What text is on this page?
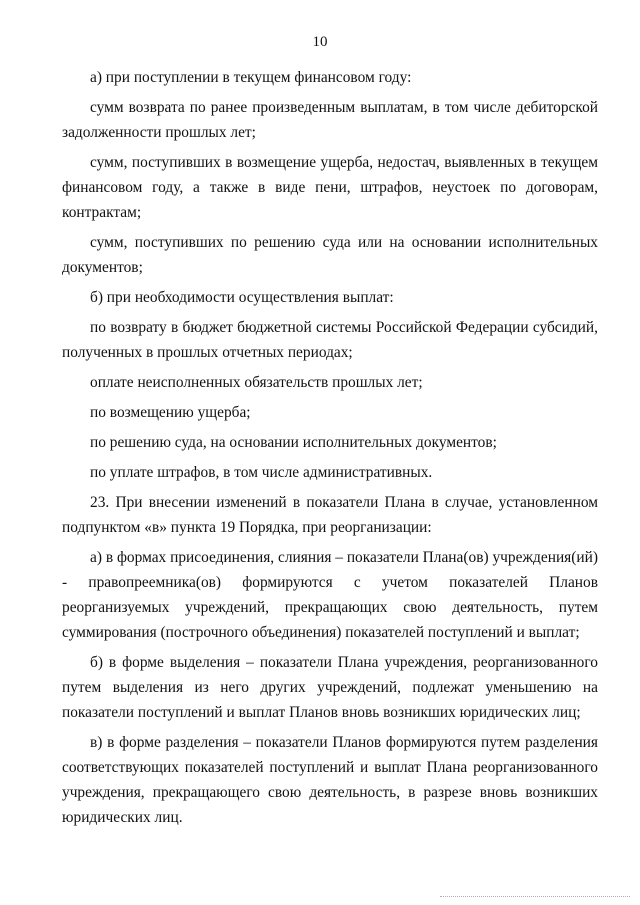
10

а) при поступлении в текущем финансовом году:

сумм возврата по ранее произведенным выплатам, в том числе дебиторской задолженности прошлых лет;

сумм, поступивших в возмещение ущерба, недостач, выявленных в текущем финансовом году, а также в виде пени, штрафов, неустоек по договорам, контрактам;

сумм, поступивших по решению суда или на основании исполнительных документов;

б) при необходимости осуществления выплат:

по возврату в бюджет бюджетной системы Российской Федерации субсидий, полученных в прошлых отчетных периодах;

оплате неисполненных обязательств прошлых лет;

по возмещению ущерба;

по решению суда, на основании исполнительных документов;

по уплате штрафов, в том числе административных.

23. При внесении изменений в показатели Плана в случае, установленном подпунктом «в» пункта 19 Порядка, при реорганизации:

а) в формах присоединения, слияния – показатели Плана(ов) учреждения(ий) - правопреемника(ов) формируются с учетом показателей Планов реорганизуемых учреждений, прекращающих свою деятельность, путем суммирования (построчного объединения) показателей поступлений и выплат;

б) в форме выделения – показатели Плана учреждения, реорганизованного путем выделения из него других учреждений, подлежат уменьшению на показатели поступлений и выплат Планов вновь возникших юридических лиц;

в) в форме разделения – показатели Планов формируются путем разделения соответствующих показателей поступлений и выплат Плана реорганизованного учреждения, прекращающего свою деятельность, в разрезе вновь возникших юридических лиц.
